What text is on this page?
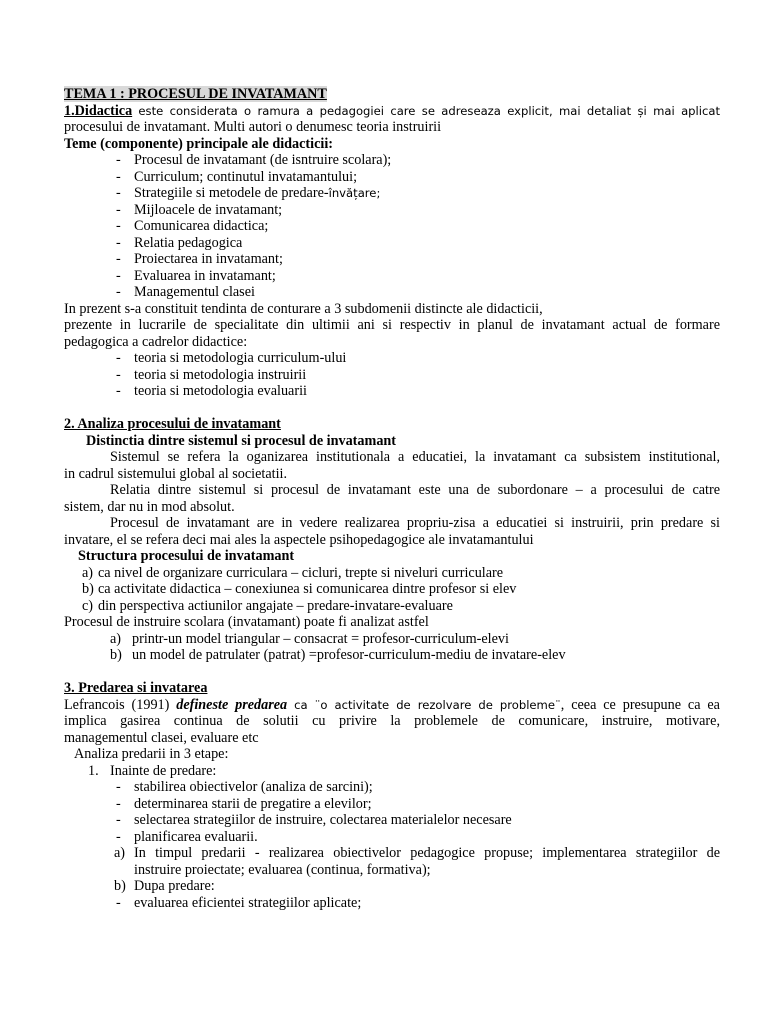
TEMA 1 : PROCESUL DE INVATAMANT
1.Didactica este considerata o ramura a pedagogiei care se adreseaza explicit, mai detaliat și mai aplicat
procesului de invatamant. Multi autori o denumesc teoria instruirii
Teme (componente) principale ale didacticii:
- Procesul de invatamant (de isntruire scolara);
- Curriculum; continutul invatamantului;
- Strategiile si metodele de predare-învățare;
- Mijloacele de invatamant;
- Comunicarea didactica;
- Relatia pedagogica
- Proiectarea in invatamant;
- Evaluarea in invatamant;
- Managementul clasei
In prezent s-a constituit tendinta de conturare a 3 subdomenii distincte ale didacticii,
prezente in lucrarile de specialitate din ultimii ani si respectiv in planul de invatamant actual de formare
pedagogica a cadrelor didactice:
- teoria si metodologia curriculum-ului
- teoria si metodologia instruirii
- teoria si metodologia evaluarii
2. Analiza procesului de invatamant
Distinctia dintre sistemul si procesul de invatamant
Sistemul se refera la oganizarea institutionala a educatiei, la invatamant ca subsistem institutional,
in cadrul sistemului global al societatii.
Relatia dintre sistemul si procesul de invatamant este una de subordonare – a procesului de catre
sistem, dar nu in mod absolut.
Procesul de invatamant are in vedere realizarea propriu-zisa a educatiei si instruirii, prin predare si
invatare, el se refera deci mai ales la aspectele psihopedagogice ale invatamantului
Structura procesului de invatamant
a) ca nivel de organizare curriculara – cicluri, trepte si niveluri curriculare
b) ca activitate didactica – conexiunea si comunicarea dintre profesor si elev
c) din perspectiva actiunilor angajate – predare-invatare-evaluare
Procesul de instruire scolara (invatamant) poate fi analizat astfel
a) printr-un model triangular – consacrat = profesor-curriculum-elevi
b) un model de patrulater (patrat) =profesor-curriculum-mediu de invatare-elev
3. Predarea si invatarea
Lefrancois (1991) defineste predarea ca ¨o activitate de rezolvare de probleme¨, ceea ce presupune ca ea
implica gasirea continua de solutii cu privire la problemele de comunicare, instruire, motivare,
managementul clasei, evaluare etc
Analiza predarii in 3 etape:
1. Inainte de predare:
- stabilirea obiectivelor (analiza de sarcini);
- determinarea starii de pregatire a elevilor;
- selectarea strategiilor de instruire, colectarea materialelor necesare
- planificarea evaluarii.
a) In timpul predarii - realizarea obiectivelor pedagogice propuse; implementarea strategiilor de
instruire proiectate; evaluarea (continua, formativa);
b) Dupa predare:
- evaluarea eficientei strategiilor aplicate;
